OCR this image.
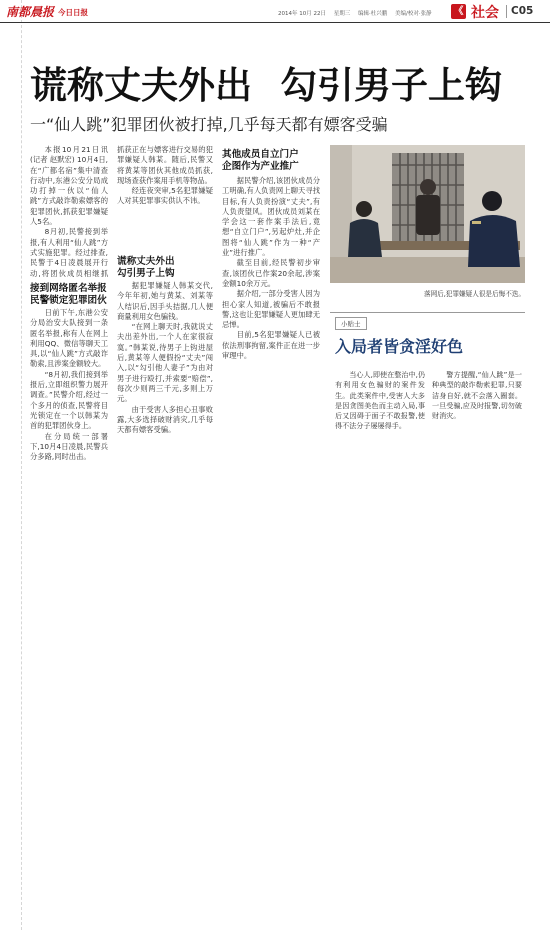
南都晨报 今日日报	2014年 10月 22日 星期三 编辑·杜兴鹏 美编/校对·张静	《 社会 C05
谎称丈夫外出 勾引男子上钩
一“仙人跳”犯罪团伙被打掉,几乎每天都有嫖客受骗

本报10月21日讯(记者 赵默宏) 10月4日,在“广都名宿”集中清查行动中,东港公安分局成功打掉一伙以“仙人跳”方式敲诈勒索嫖客的犯罪团伙,抓获犯罪嫌疑人5名。

8月初,民警接到举报,有人利用“仙人跳”方式实施犯罪。经过排查,民警于4日凌晨展开行动,将团伙成员相继抓

接到网络匿名举报
民警锁定犯罪团伙

日前下午,东港公安分局治安大队接到一条匿名举报,称有人在网上利用QQ、微信等聊天工具,以“仙人跳”方式敲诈勒索,且涉案金额较大。

“8月初,我们接到举报后,立即组织警力展开调查。”民警介绍,经过一个多月的侦查,民警将目光锁定在一个以韩某为首的犯罪团伙身上。

在分局统一部署下,10月4日凌晨,民警兵分多路,同时出击。

抓获正在与嫖客进行交易的犯罪嫌疑人韩某。随后,民警又将黄某等团伙其他成员抓获,现场查获作案用手机等物品。

经连夜突审,5名犯罪嫌疑人对其犯罪事实供认不讳。

谎称丈夫外出
勾引男子上钩

据犯罪嫌疑人韩某交代,今年年初,她与黄某、刘某等人结识后,因手头拮据,几人便商量利用女色骗钱。

“在网上聊天时,我就说丈夫出差外出,一个人在家很寂寞。”韩某说,待男子上钩进屋后,黄某等人便假扮“丈夫”闯入,以“勾引他人妻子”为由对男子进行殴打,并索要“赔偿”,每次少则两三千元,多则上万元。

由于受害人多担心丑事败露,大多选择破财消灾,几乎每天都有嫖客受骗。

其他成员自立门户
企图作为产业推广

据民警介绍,该团伙成员分工明确,有人负责网上聊天寻找目标,有人负责扮演“丈夫”,有人负责望风。团伙成员刘某在学会这一套作案手法后,竟想“自立门户”,另起炉灶,并企图将“仙人跳”作为一种“产业”进行推广。

截至目前,经民警初步审查,该团伙已作案20余起,涉案金额10余万元。

据介绍,一部分受害人因为担心家人知道,被骗后不敢报警,这也让犯罪嫌疑人更加肆无忌惮。

目前,5名犯罪嫌疑人已被依法刑事拘留,案件正在进一步审理中。

落网后,犯罪嫌疑人很是后悔不迭。
小贴士
入局者皆贪淫好色

当心人,即使在整治中,仍有利用女色骗财的案件发生。此类案件中,受害人大多是因贪图美色而主动入局,事后又因碍于面子不敢报警,使得不法分子屡屡得手。

警方提醒,“仙人跳”是一种典型的敲诈勒索犯罪,只要洁身自好,就不会落入圈套。一旦受骗,应及时报警,切勿破财消灾。
